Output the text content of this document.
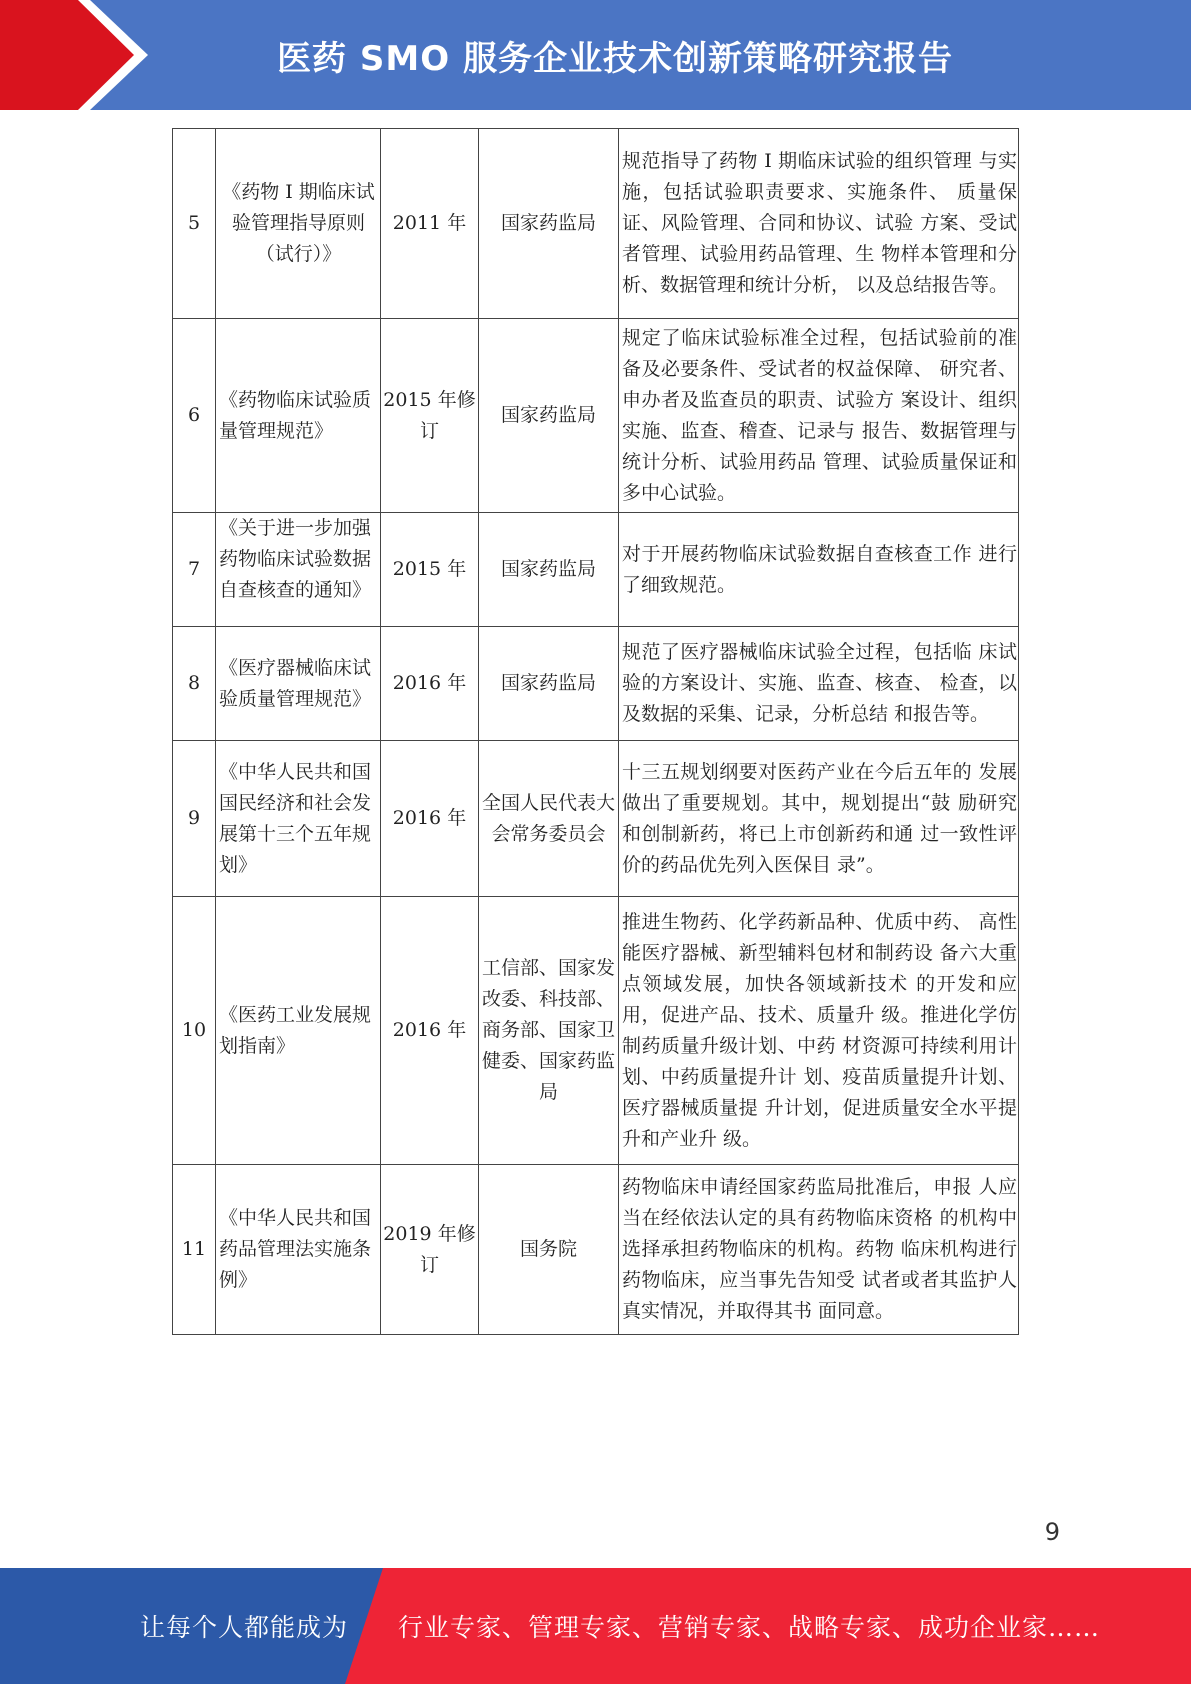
医药 SMO 服务企业技术创新策略研究报告
5	《药物 I 期临床试验管理指导原则（试行）》	2011 年	国家药监局	规范指导了药物 I 期临床试验的组织管理 与实施，包括试验职责要求、实施条件、 质量保证、风险管理、合同和协议、试验 方案、受试者管理、试验用药品管理、生 物样本管理和分析、数据管理和统计分析， 以及总结报告等。
6	《药物临床试验质量管理规范》	2015 年修订	国家药监局	规定了临床试验标准全过程，包括试验前的准备及必要条件、受试者的权益保障、 研究者、申办者及监查员的职责、试验方 案设计、组织实施、监查、稽查、记录与 报告、数据管理与统计分析、试验用药品 管理、试验质量保证和多中心试验。
7	《关于进一步加强药物临床试验数据自查核查的通知》	2015 年	国家药监局	对于开展药物临床试验数据自查核查工作 进行了细致规范。
8	《医疗器械临床试验质量管理规范》	2016 年	国家药监局	规范了医疗器械临床试验全过程，包括临 床试验的方案设计、实施、监查、核查、 检查，以及数据的采集、记录，分析总结 和报告等。
9	《中华人民共和国国民经济和社会发展第十三个五年规划》	2016 年	全国人民代表大会常务委员会	十三五规划纲要对医药产业在今后五年的 发展做出了重要规划。其中，规划提出“鼓 励研究和创制新药，将已上市创新药和通 过一致性评价的药品优先列入医保目 录”。
10	《医药工业发展规划指南》	2016 年	工信部、国家发改委、科技部、商务部、国家卫健委、国家药监局	推进生物药、化学药新品种、优质中药、 高性能医疗器械、新型辅料包材和制药设 备六大重点领域发展，加快各领域新技术 的开发和应用，促进产品、技术、质量升 级。推进化学仿制药质量升级计划、中药 材资源可持续利用计划、中药质量提升计 划、疫苗质量提升计划、医疗器械质量提 升计划，促进质量安全水平提升和产业升 级。
11	《中华人民共和国药品管理法实施条例》	2019 年修订	国务院	药物临床申请经国家药监局批准后，申报 人应当在经依法认定的具有药物临床资格 的机构中选择承担药物临床的机构。药物 临床机构进行药物临床，应当事先告知受 试者或者其监护人真实情况，并取得其书 面同意。
9
让每个人都能成为 行业专家、管理专家、营销专家、战略专家、成功企业家……
